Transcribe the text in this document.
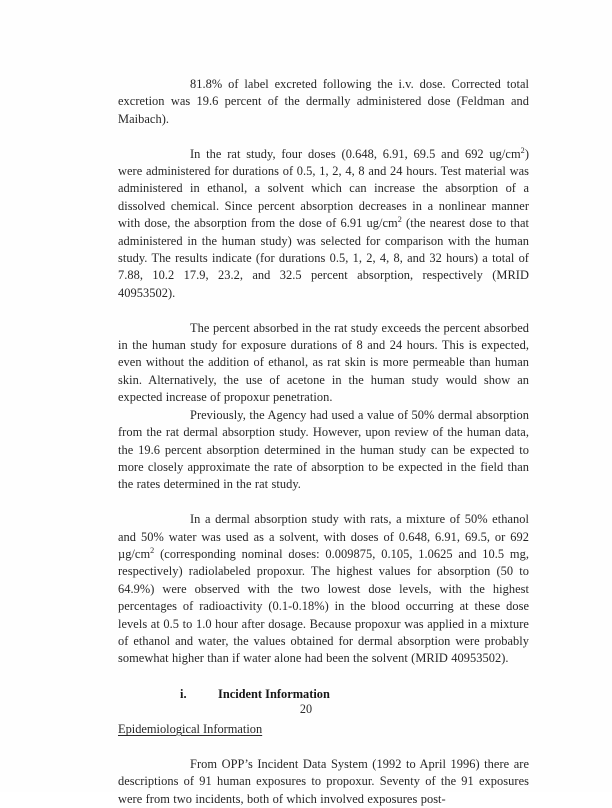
81.8% of label excreted following the i.v. dose. Corrected total excretion was 19.6 percent of the dermally administered dose (Feldman and Maibach).

In the rat study, four doses (0.648, 6.91, 69.5 and 692 $ug/cm^2$) were administered for durations of 0.5, 1, 2, 4, 8 and 24 hours. Test material was administered in ethanol, a solvent which can increase the absorption of a dissolved chemical. Since percent absorption decreases in a nonlinear manner with dose, the absorption from the dose of 6.91 $ug/cm^2$ (the nearest dose to that administered in the human study) was selected for comparison with the human study. The results indicate (for durations 0.5, 1, 2, 4, 8, and 32 hours) a total of 7.88, 10.2 17.9, 23.2, and 32.5 percent absorption, respectively (MRID 40953502).

The percent absorbed in the rat study exceeds the percent absorbed in the human study for exposure durations of 8 and 24 hours. This is expected, even without the addition of ethanol, as rat skin is more permeable than human skin. Alternatively, the use of acetone in the human study would show an expected increase of propoxur penetration.

Previously, the Agency had used a value of 50% dermal absorption from the rat dermal absorption study. However, upon review of the human data, the 19.6 percent absorption determined in the human study can be expected to more closely approximate the rate of absorption to be expected in the field than the rates determined in the rat study.

In a dermal absorption study with rats, a mixture of 50% ethanol and 50% water was used as a solvent, with doses of 0.648, 6.91, 69.5, or 692 $\mu g/cm^2$ (corresponding nominal doses: 0.009875, 0.105, 1.0625 and 10.5 mg, respectively) radiolabeled propoxur. The highest values for absorption (50 to 64.9%) were observed with the two lowest dose levels, with the highest percentages of radioactivity (0.1-0.18%) in the blood occurring at these dose levels at 0.5 to 1.0 hour after dosage. Because propoxur was applied in a mixture of ethanol and water, the values obtained for dermal absorption were probably somewhat higher than if water alone had been the solvent (MRID 40953502).

i.	Incident Information
Epidemiological Information

From OPP’s Incident Data System (1992 to April 1996) there are descriptions of 91 human exposures to propoxur. Seventy of the 91 exposures were from two incidents, both of which involved exposures post-

20
